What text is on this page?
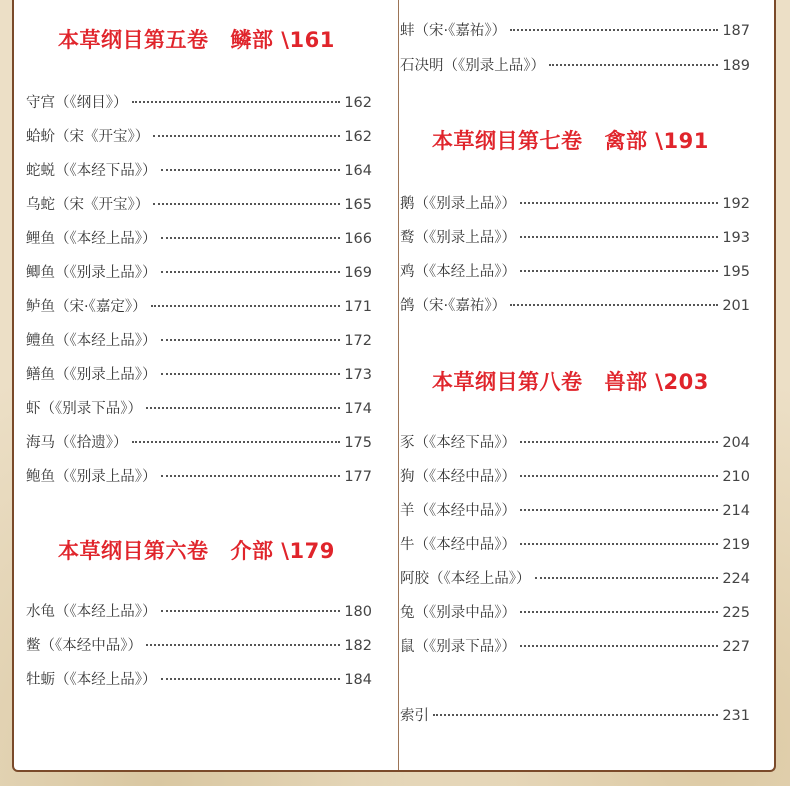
本草纲目第五卷 鳞部 \161
本草纲目第六卷 介部 \179
本草纲目第七卷 禽部 \191
本草纲目第八卷 兽部 \203
守宫（《纲目》）	162
蛤蚧（宋《开宝》）	162
蛇蜕（《本经下品》）	164
乌蛇（宋《开宝》）	165
鲤鱼（《本经上品》）	166
鲫鱼（《别录上品》）	169
鲈鱼（宋·《嘉定》）	171
鳢鱼（《本经上品》）	172
鳝鱼（《别录上品》）	173
虾（《别录下品》）	174
海马（《拾遗》）	175
鲍鱼（《别录上品》）	177
水龟（《本经上品》）	180
鳖（《本经中品》）	182
牡蛎（《本经上品》）	184
蚌（宋·《嘉祐》）	187
石决明（《别录上品》）	189
鹅（《别录上品》）	192
鹜（《别录上品》）	193
鸡（《本经上品》）	195
鸽（宋·《嘉祐》）	201
豕（《本经下品》）	204
狗（《本经中品》）	210
羊（《本经中品》）	214
牛（《本经中品》）	219
阿胶（《本经上品》）	224
兔（《别录中品》）	225
鼠（《别录下品》）	227
索引	231
